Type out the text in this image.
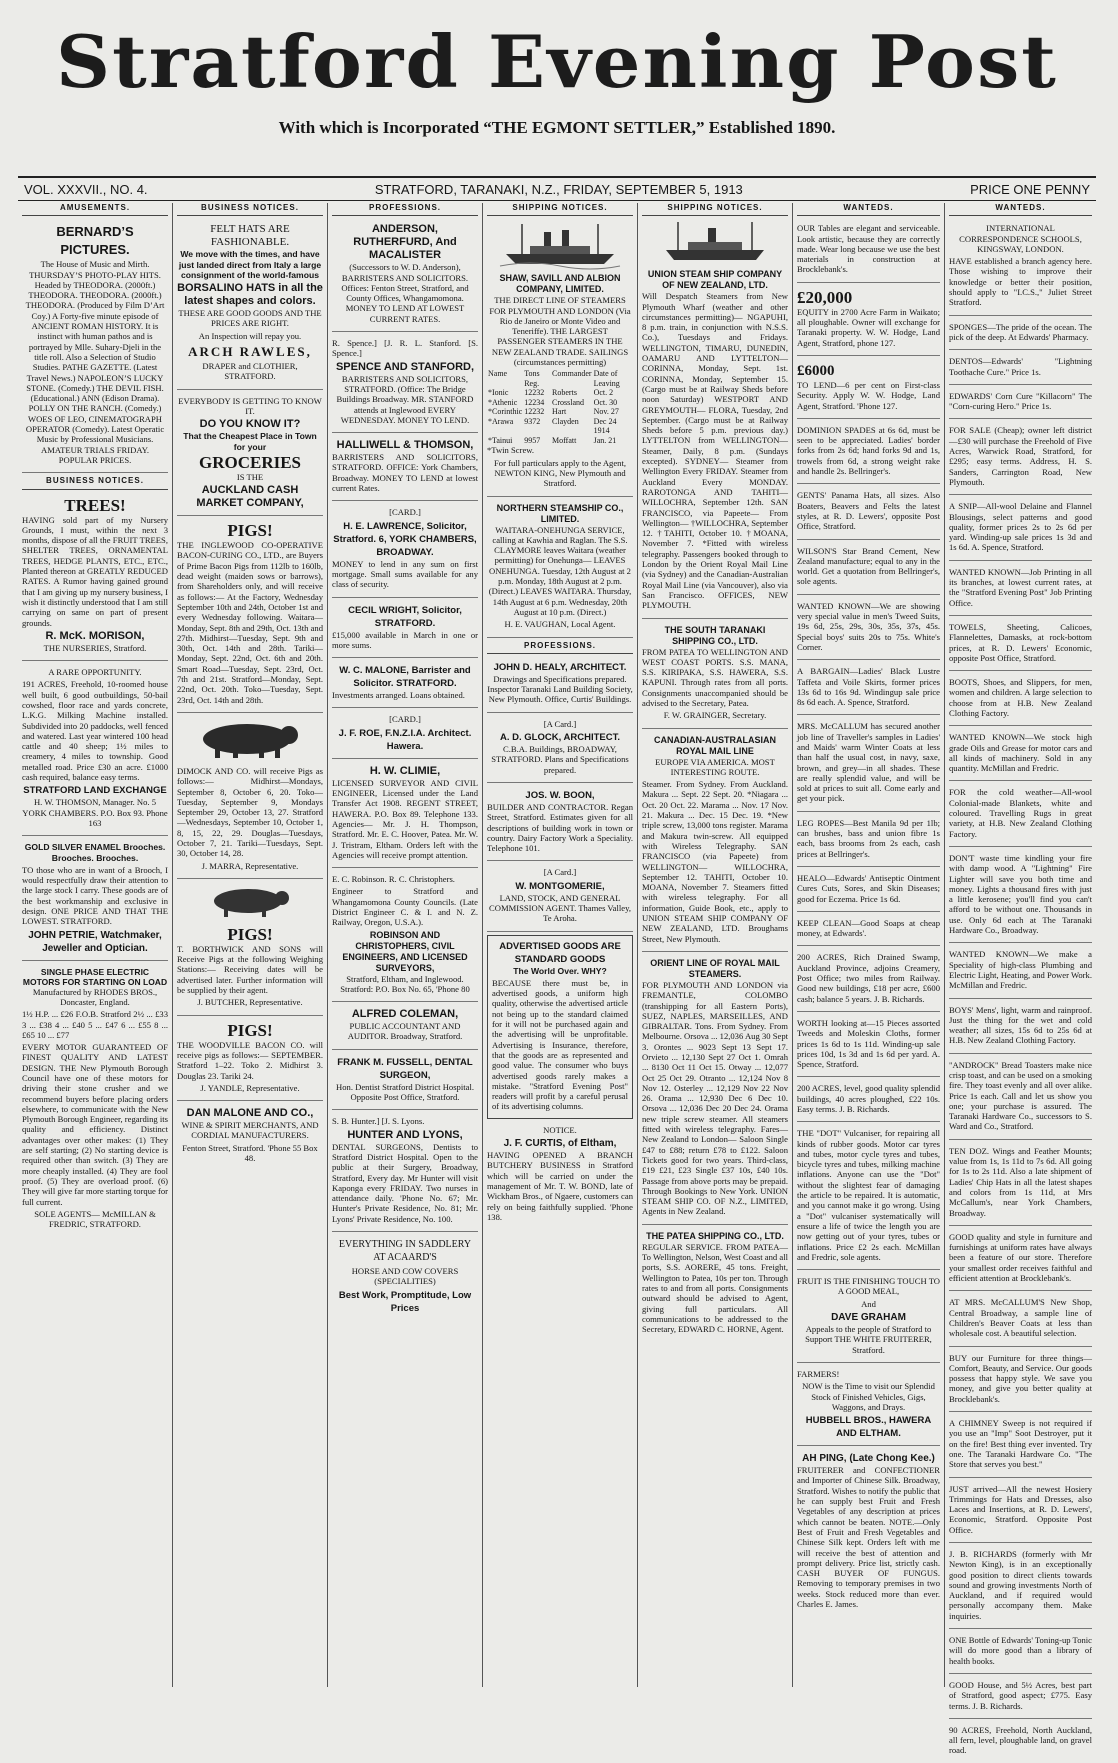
Stratford Evening Post
With which is Incorporated “THE EGMONT SETTLER,” Established 1890.
VOL. XXXVII., NO. 4.	STRATFORD, TARANAKI, N.Z., FRIDAY, SEPTEMBER 5, 1913	PRICE ONE PENNY
AMUSEMENTS.
BERNARD’S PICTURES.

The House of Music and Mirth. THURSDAY’S PHOTO-PLAY HITS. Headed by THEODORA. (2000ft.) THEODORA. THEODORA. (2000ft.) THEODORA. (Produced by Film D’Art Coy.) A Forty-five minute episode of ANCIENT ROMAN HISTORY. It is instinct with human pathos and is portrayed by Mlle. Suhary-Djeli in the title roll. Also a Selection of Studio Studies. PATHE GAZETTE. (Latest Travel News.) NAPOLEON’S LUCKY STONE. (Comedy.) THE DEVIL FISH. (Educational.) ANN (Edison Drama). POLLY ON THE RANCH. (Comedy.) WOES OF LEO, CINEMATOGRAPH OPERATOR (Comedy). Latest Operatic Music by Professional Musicians. AMATEUR TRIALS FRIDAY. POPULAR PRICES.

BUSINESS NOTICES.
TREES!

HAVING sold part of my Nursery Grounds, I must, within the next 3 months, dispose of all the FRUIT TREES, SHELTER TREES, ORNAMENTAL TREES, HEDGE PLANTS, ETC., ETC., Planted thereon at GREATLY REDUCED RATES. A Rumor having gained ground that I am giving up my nursery business, I wish it distinctly understood that I am still carrying on same on part of present grounds.

R. McK. MORISON,

THE NURSERIES, Stratford.

A RARE OPPORTUNITY.

191 ACRES, Freehold, 10-roomed house well built, 6 good outbuildings, 50-bail cowshed, floor race and yards concrete, L.K.G. Milking Machine installed. Subdivided into 20 paddocks, well fenced and watered. Last year wintered 100 head cattle and 40 sheep; 1½ miles to creamery, 4 miles to township. Good metalled road. Price £30 an acre. £1000 cash required, balance easy terms.

STRATFORD LAND EXCHANGE

H. W. THOMSON, Manager. No. 5 YORK CHAMBERS. P.O. Box 93. Phone 163

GOLD SILVER ENAMEL Brooches. Brooches. Brooches.

TO those who are in want of a Brooch, I would respectfully draw their attention to the large stock I carry. These goods are of the best workmanship and exclusive in design. ONE PRICE AND THAT THE LOWEST. STRATFORD.

JOHN PETRIE, Watchmaker, Jeweller and Optician.
SINGLE PHASE ELECTRIC MOTORS FOR STARTING ON LOAD

Manufactured by RHODES BROS., Doncaster, England.

1½ H.P. ... £26 F.O.B. Stratford 2½ ... £33 3 ... £38 4 ... £40 5 ... £47 6 ... £55 8 ... £65 10 ... £77

EVERY MOTOR GUARANTEED OF FINEST QUALITY AND LATEST DESIGN. THE New Plymouth Borough Council have one of these motors for driving their stone crusher and we recommend buyers before placing orders elsewhere, to communicate with the New Plymouth Borough Engineer, regarding its quality and efficiency. Distinct advantages over other makes: (1) They are self starting; (2) No starting device is required other than switch. (3) They are more cheaply installed. (4) They are fool proof. (5) They are overload proof. (6) They will give far more starting torque for full current.

SOLE AGENTS— McMILLAN & FREDRIC, STRATFORD.

BUSINESS NOTICES.
FELT HATS ARE FASHIONABLE.

We move with the times, and have just landed direct from Italy a large consignment of the world-famous

BORSALINO HATS in all the latest shapes and colors.

THESE ARE GOOD GOODS AND THE PRICES ARE RIGHT.

An Inspection will repay you.

ARCH RAWLES,

DRAPER and CLOTHIER, STRATFORD.

EVERYBODY IS GETTING TO KNOW IT.

DO YOU KNOW IT?

That the Cheapest Place in Town for your

GROCERIES

IS THE

AUCKLAND CASH MARKET COMPANY,
PIGS!

THE INGLEWOOD CO-OPERATIVE BACON-CURING CO., LTD., are Buyers of Prime Bacon Pigs from 112lb to 160lb, dead weight (maiden sows or barrows), from Shareholders only, and will receive as follows:— At the Factory, Wednesday September 10th and 24th, October 1st and every Wednesday following. Waitara—Monday, Sept. 8th and 29th, Oct. 13th and 27th. Midhirst—Tuesday, Sept. 9th and 30th, Oct. 14th and 28th. Tariki—Monday, Sept. 22nd, Oct. 6th and 20th. Smart Road—Tuesday, Sept. 23rd, Oct. 7th and 21st. Stratford—Monday, Sept. 22nd, Oct. 20th. Toko—Tuesday, Sept. 23rd, Oct. 14th and 28th.

DIMOCK AND CO. will receive Pigs as follows:— Midhirst—Mondays, September 8, October 6, 20. Toko—Tuesday, September 9, Mondays September 29, October 13, 27. Stratford—Wednesdays, September 10, October 1, 8, 15, 22, 29. Douglas—Tuesdays, October 7, 21. Tariki—Tuesdays, Sept. 30, October 14, 28.

J. MARRA, Representative.

PIGS!

T. BORTHWICK AND SONS will Receive Pigs at the following Weighing Stations:— Receiving dates will be advertised later. Further information will be supplied by their agent.

J. BUTCHER, Representative.

PIGS!

THE WOODVILLE BACON CO. will receive pigs as follows:— SEPTEMBER. Stratford 1–22. Toko 2. Midhirst 3. Douglas 23. Tariki 24.

J. YANDLE, Representative.

DAN MALONE AND CO.,

WINE & SPIRIT MERCHANTS, AND CORDIAL MANUFACTURERS.

Fenton Street, Stratford. 'Phone 55 Box 48.

PROFESSIONS.
ANDERSON, RUTHERFURD, And MACALISTER

(Successors to W. D. Anderson), BARRISTERS AND SOLICITORS. Offices: Fenton Street, Stratford, and County Offices, Whangamomona. MONEY TO LEND AT LOWEST CURRENT RATES.

R. Spence.] [J. R. L. Stanford. [S. Spence.]

SPENCE AND STANFORD,

BARRISTERS AND SOLICITORS, STRATFORD. (Office: The Bridge Buildings Broadway. MR. STANFORD attends at Inglewood EVERY WEDNESDAY. MONEY TO LEND.

HALLIWELL & THOMSON,

BARRISTERS AND SOLICITORS, STRATFORD. OFFICE: York Chambers, Broadway. MONEY TO LEND at lowest current Rates.

[CARD.]

H. E. LAWRENCE, Solicitor, Stratford. 6, YORK CHAMBERS, BROADWAY.

MONEY to lend in any sum on first mortgage. Small sums available for any class of security.

CECIL WRIGHT, Solicitor, STRATFORD.

£15,000 available in March in one or more sums.

W. C. MALONE, Barrister and Solicitor. STRATFORD.

Investments arranged. Loans obtained.

[CARD.]

J. F. ROE, F.N.Z.I.A. Architect. Hawera.
H. W. CLIMIE,

LICENSED SURVEYOR AND CIVIL ENGINEER, Licensed under the Land Transfer Act 1908. REGENT STREET, HAWERA. P.O. Box 89. Telephone 133. Agencies— Mr. J. H. Thompson, Stratford. Mr. E. C. Hoover, Patea. Mr. W. J. Tristram, Eltham. Orders left with the Agencies will receive prompt attention.

E. C. Robinson. R. C. Christophers.

Engineer to Stratford and Whangamomona County Councils. (Late District Engineer C. & I. and N. Z. Railway, Oregon, U.S.A.).

ROBINSON AND CHRISTOPHERS, CIVIL ENGINEERS, AND LICENSED SURVEYORS,

Stratford, Eltham, and Inglewood. Stratford: P.O. Box No. 65, 'Phone 80

ALFRED COLEMAN,

PUBLIC ACCOUNTANT AND AUDITOR. Broadway, Stratford.

FRANK M. FUSSELL, DENTAL SURGEON,

Hon. Dentist Stratford District Hospital. Opposite Post Office, Stratford.

S. B. Hunter.] [J. S. Lyons.

HUNTER AND LYONS,

DENTAL SURGEONS, Dentists to Stratford District Hospital. Open to the public at their Surgery, Broadway, Stratford, Every day. Mr Hunter will visit Kaponga every FRIDAY. Two nurses in attendance daily. 'Phone No. 67; Mr. Hunter's Private Residence, No. 81; Mr. Lyons' Private Residence, No. 100.

EVERYTHING IN SADDLERY AT ACAARD'S

HORSE AND COW COVERS (SPECIALITIES)

Best Work, Promptitude, Low Prices
SHIPPING NOTICES.
SHAW, SAVILL AND ALBION COMPANY, LIMITED.

THE DIRECT LINE OF STEAMERS FOR PLYMOUTH AND LONDON (Via Rio de Janeiro or Monte Video and Teneriffe). THE LARGEST PASSENGER STEAMERS IN THE NEW ZEALAND TRADE. SAILINGS (circumstances permitting)

Name	Tons Reg.	Commander	Date of Leaving
*Ionic	12232	Roberts	Oct. 2
*Athenic	12234	Crossland	Oct. 30
*Corinthic	12232	Hart	Nov. 27
*Arawa	9372	Clayden	Dec 24
			1914
*Tainui	9957	Moffatt	Jan. 21

*Twin Screw.

For full particulars apply to the Agent, NEWTON KING, New Plymouth and Stratford.

NORTHERN STEAMSHIP CO., LIMITED.

WAITARA-ONEHUNGA SERVICE, calling at Kawhia and Raglan. The S.S. CLAYMORE leaves Waitara (weather permitting) for Onehunga— LEAVES ONEHUNGA. Tuesday, 12th August at 2 p.m. Monday, 18th August at 2 p.m. (Direct.) LEAVES WAITARA. Thursday, 14th August at 6 p.m. Wednesday, 20th August at 10 p.m. (Direct.)

H. E. VAUGHAN, Local Agent.

PROFESSIONS.
JOHN D. HEALY, ARCHITECT.

Drawings and Specifications prepared. Inspector Taranaki Land Building Society, New Plymouth. Office, Curtis' Buildings.

[A Card.]

A. D. GLOCK, ARCHITECT.

C.B.A. Buildings, BROADWAY, STRATFORD. Plans and Specifications prepared.

JOS. W. BOON,

BUILDER AND CONTRACTOR. Regan Street, Stratford. Estimates given for all descriptions of building work in town or country. Dairy Factory Work a Speciality. Telephone 101.

[A Card.]

W. MONTGOMERIE,

LAND, STOCK, AND GENERAL COMMISSION AGENT. Thames Valley, Te Aroha.

ADVERTISED GOODS ARE STANDARD GOODS

The World Over. WHY?

BECAUSE there must be, in advertised goods, a uniform high quality, otherwise the advertised article not being up to the standard claimed for it will not be purchased again and the advertising will be unprofitable. Advertising is Insurance, therefore, that the goods are as represented and good value. The consumer who buys advertised goods rarely makes a mistake. "Stratford Evening Post" readers will profit by a careful perusal of its advertising columns.

NOTICE.

J. F. CURTIS, of Eltham,

HAVING OPENED A BRANCH BUTCHERY BUSINESS in Stratford which will be carried on under the management of Mr. T. W. BOND, late of Wickham Bros., of Ngaere, customers can rely on being faithfully supplied. 'Phone 138.

SHIPPING NOTICES.
UNION STEAM SHIP COMPANY OF NEW ZEALAND, LTD.

Will Despatch Steamers from New Plymouth Wharf (weather and other circumstances permitting)— NGAPUHI, 8 p.m. train, in conjunction with N.S.S. Co.), Tuesdays and Fridays. WELLINGTON, TIMARU, DUNEDIN, OAMARU AND LYTTELTON— CORINNA, Monday, Sept. 1st. CORINNA, Monday, September 15. (Cargo must be at Railway Sheds before noon Saturday) WESTPORT AND GREYMOUTH— FLORA, Tuesday, 2nd September. (Cargo must be at Railway Sheds before 5 p.m. previous day.) LYTTELTON from WELLINGTON— Steamer, Daily, 8 p.m. (Sundays excepted). SYDNEY— Steamer from Wellington Every FRIDAY. Steamer from Auckland Every MONDAY. RAROTONGA AND TAHITI— WILLOCHRA, September 12th. SAN FRANCISCO, via Papeete— From Wellington— †WILLOCHRA, September 12. †TAHITI, October 10. †MOANA, November 7. *Fitted with wireless telegraphy. Passengers booked through to London by the Orient Royal Mail Line (via Sydney) and the Canadian-Australian Royal Mail Line (via Vancouver), also via San Francisco. OFFICES, NEW PLYMOUTH.

THE SOUTH TARANAKI SHIPPING CO., LTD.

FROM PATEA TO WELLINGTON AND WEST COAST PORTS. S.S. MANA, S.S. KIRIPAKA, S.S. HAWERA, S.S. KAPUNI. Through rates from all ports. Consignments unaccompanied should be advised to the Secretary, Patea.

F. W. GRAINGER, Secretary.

CANADIAN-AUSTRALASIAN ROYAL MAIL LINE

EUROPE VIA AMERICA. MOST INTERESTING ROUTE.

Steamer. From Sydney. From Auckland. Makura ... Sept. 22 Sept. 20. *Niagara ... Oct. 20 Oct. 22. Marama ... Nov. 17 Nov. 21. Makura ... Dec. 15 Dec. 19. *New triple screw, 13,000 tons register. Marama and Makura twin-screw. All equipped with Wireless Telegraphy. SAN FRANCISCO (via Papeete) from WELLINGTON— WILLOCHRA, September 12. TAHITI, October 10. MOANA, November 7. Steamers fitted with wireless telegraphy. For all information, Guide Book, etc., apply to UNION STEAM SHIP COMPANY OF NEW ZEALAND, LTD. Broughams Street, New Plymouth.

ORIENT LINE OF ROYAL MAIL STEAMERS.

FOR PLYMOUTH AND LONDON via FREMANTLE, COLOMBO (transhipping for all Eastern Ports), SUEZ, NAPLES, MARSEILLES, AND GIBRALTAR. Tons. From Sydney. From Melbourne. Orsova ... 12,036 Aug 30 Sept 3. Orontes ... 9023 Sept 13 Sept 17. Orvieto ... 12,130 Sept 27 Oct 1. Omrah ... 8130 Oct 11 Oct 15. Otway ... 12,077 Oct 25 Oct 29. Otranto ... 12,124 Nov 8 Nov 12. Osterley ... 12,129 Nov 22 Nov 26. Orama ... 12,930 Dec 6 Dec 10. Orsova ... 12,036 Dec 20 Dec 24. Orama new triple screw steamer. All steamers fitted with wireless telegraphy. Fares—New Zealand to London— Saloon Single £47 to £88; return £78 to £122. Saloon Tickets good for two years. Third-class, £19 £21, £23 Single £37 10s, £40 10s. Passage from above ports may be prepaid. Through Bookings to New York. UNION STEAM SHIP CO. OF N.Z., LIMITED, Agents in New Zealand.

THE PATEA SHIPPING CO., LTD.

REGULAR SERVICE. FROM PATEA— To Wellington, Nelson, West Coast and all ports, S.S. AORERE, 45 tons. Freight, Wellington to Patea, 10s per ton. Through rates to and from all ports. Consignments outward should be advised to Agent, giving full particulars. All communications to be addressed to the Secretary, EDWARD C. HORNE, Agent.

WANTEDS.

OUR Tables are elegant and serviceable. Look artistic, because they are correctly made. Wear long because we use the best materials in construction at Brocklebank's.

£20,000

EQUITY in 2700 Acre Farm in Waikato; all ploughable. Owner will exchange for Taranaki property. W. W. Hodge, Land Agent, Stratford, phone 127.

£6000

TO LEND—6 per cent on First-class Security. Apply W. W. Hodge, Land Agent, Stratford. 'Phone 127.

DOMINION SPADES at 6s 6d, must be seen to be appreciated. Ladies' border forks from 2s 6d; hand forks 9d and 1s, trowels from 6d, a strong weight rake and handle 2s. Bellringer's.

GENTS' Panama Hats, all sizes. Also Boaters, Beavers and Felts the latest styles, at R. D. Lewers', opposite Post Office, Stratford.

WILSON'S Star Brand Cement, New Zealand manufacture; equal to any in the world. Get a quotation from Bellringer's, sole agents.

WANTED KNOWN—We are showing very special value in men's Tweed Suits, 19s 6d, 25s, 29s, 30s, 35s, 37s, 45s. Special boys' suits 20s to 75s. White's Corner.

A BARGAIN—Ladies' Black Lustre Taffeta and Voile Skirts, former prices 13s 6d to 16s 9d. Windingup sale price 8s 6d each. A. Spence, Stratford.

MRS. McCALLUM has secured another job line of Traveller's samples in Ladies' and Maids' warm Winter Coats at less than half the usual cost, in navy, saxe, brown, and grey—in all shades. These are really splendid value, and will be sold at prices to suit all. Come early and get your pick.

LEG ROPES—Best Manila 9d per 1lb; can brushes, bass and union fibre 1s each, bass brooms from 2s each, cash prices at Bellringer's.

HEALO—Edwards' Antiseptic Ointment Cures Cuts, Sores, and Skin Diseases; good for Eczema. Price 1s 6d.

KEEP CLEAN—Good Soaps at cheap money, at Edwards'.

200 ACRES, Rich Drained Swamp, Auckland Province, adjoins Creamery, Post Office; two miles from Railway. Good new buildings, £18 per acre, £600 cash; balance 5 years. J. B. Richards.

WORTH looking at—15 Pieces assorted Tweeds and Moleskin Cloths, former prices 1s 6d to 1s 11d. Winding-up sale prices 10d, 1s 3d and 1s 6d per yard. A. Spence, Stratford.

200 ACRES, level, good quality splendid buildings, 40 acres ploughed, £22 10s. Easy terms. J. B. Richards.

THE "DOT" Vulcaniser, for repairing all kinds of rubber goods. Motor car tyres and tubes, motor cycle tyres and tubes, bicycle tyres and tubes, milking machine inflations. Anyone can use the "Dot" without the slightest fear of damaging the article to be repaired. It is automatic, and you cannot make it go wrong. Using a "Dot" vulcaniser systematically will ensure a life of twice the length you are now getting out of your tyres, tubes or inflations. Price £2 2s each. McMillan and Fredric, sole agents.

FRUIT IS THE FINISHING TOUCH TO A GOOD MEAL,

And

DAVE GRAHAM

Appeals to the people of Stratford to Support THE WHITE FRUITERER, Stratford.

FARMERS!

NOW is the Time to visit our Splendid Stock of Finished Vehicles, Gigs, Waggons, and Drays.

HUBBELL BROS., HAWERA AND ELTHAM.
AH PING, (Late Chong Kee.)

FRUITERER and CONFECTIONER and Importer of Chinese Silk. Broadway, Stratford. Wishes to notify the public that he can supply best Fruit and Fresh Vegetables of any description at prices which cannot be beaten. NOTE.—Only Best of Fruit and Fresh Vegetables and Chinese Silk kept. Orders left with me will receive the best of attention and prompt delivery. Price list, strictly cash. CASH BUYER OF FUNGUS. Removing to temporary premises in two weeks. Stock reduced more than ever. Charles E. James.

WANTEDS.

INTERNATIONAL CORRESPONDENCE SCHOOLS, KINGSWAY, LONDON.

HAVE established a branch agency here. Those wishing to improve their knowledge or better their position, should apply to "I.C.S.," Juliet Street Stratford.

SPONGES—The pride of the ocean. The pick of the deep. At Edwards' Pharmacy.

DENTOS—Edwards' "Lightning Toothache Cure." Price 1s.

EDWARDS' Corn Cure "Killacorn" The "Corn-curing Hero." Price 1s.

FOR SALE (Cheap); owner left district—£30 will purchase the Freehold of Five Acres, Warwick Road, Stratford, for £295; easy terms. Address, H. S. Sanders, Carrington Road, New Plymouth.

A SNIP—All-wool Delaine and Flannel Blousings, select patterns and good quality, former prices 2s to 2s 6d per yard. Winding-up sale prices 1s 3d and 1s 6d. A. Spence, Stratford.

WANTED KNOWN—Job Printing in all its branches, at lowest current rates, at the "Stratford Evening Post" Job Printing Office.

TOWELS, Sheeting, Calicoes, Flannelettes, Damasks, at rock-bottom prices, at R. D. Lewers' Economic, opposite Post Office, Stratford.

BOOTS, Shoes, and Slippers, for men, women and children. A large selection to choose from at H.B. New Zealand Clothing Factory.

WANTED KNOWN—We stock high grade Oils and Grease for motor cars and all kinds of machinery. Sold in any quantity. McMillan and Fredric.

FOR the cold weather—All-wool Colonial-made Blankets, white and coloured. Travelling Rugs in great variety, at H.B. New Zealand Clothing Factory.

DON'T waste time kindling your fire with damp wood. A "Lightning" Fire Lighter will save you both time and money. Lights a thousand fires with just a little kerosene; you'll find you can't afford to be without one. Thousands in use. Only 6d each at The Taranaki Hardware Co., Broadway.

WANTED KNOWN—We make a Speciality of high-class Plumbing and Electric Light, Heating, and Power Work. McMillan and Fredric.

BOYS' Mens', light, warm and rainproof. Just the thing for the wet and cold weather; all sizes, 15s 6d to 25s 6d at H.B. New Zealand Clothing Factory.

"ANDROCK" Bread Toasters make nice crisp toast, and can be used on a smoking fire. They toast evenly and all over alike. Price 1s each. Call and let us show you one; your purchase is assured. The Taranaki Hardware Co., successors to S. Ward and Co., Stratford.

TEN DOZ. Wings and Feather Mounts; value from 1s, 1s 11d to 7s 6d. All going for 1s to 2s 11d. Also a late shipment of Ladies' Chip Hats in all the latest shapes and colors from 1s 11d, at Mrs McCallum's, near York Chambers, Broadway.

GOOD quality and style in furniture and furnishings at uniform rates have always been a feature of our store. Therefore your smallest order receives faithful and efficient attention at Brocklebank's.

AT MRS. McCALLUM'S New Shop, Central Broadway, a sample line of Children's Beaver Coats at less than wholesale cost. A beautiful selection.

BUY our Furniture for three things—Comfort, Beauty, and Service. Our goods possess that happy style. We save you money, and give you better quality at Brocklebank's.

A CHIMNEY Sweep is not required if you use an "Imp" Soot Destroyer, put it on the fire! Best thing ever invented. Try one. The Taranaki Hardware Co. "The Store that serves you best."

JUST arrived—All the newest Hosiery Trimmings for Hats and Dresses, also Laces and Insertions, at R. D. Lewers', Economic, Stratford. Opposite Post Office.

J. B. RICHARDS (formerly with Mr Newton King), is in an exceptionally good position to direct clients towards sound and growing investments North of Auckland, and if required would personally accompany them. Make inquiries.

ONE Bottle of Edwards' Toning-up Tonic will do more good than a library of health books.

GOOD House, and 5½ Acres, best part of Stratford, good aspect; £775. Easy terms. J. B. Richards.

90 ACRES, Freehold, North Auckland, all fern, level, ploughable land, on gravel road.
